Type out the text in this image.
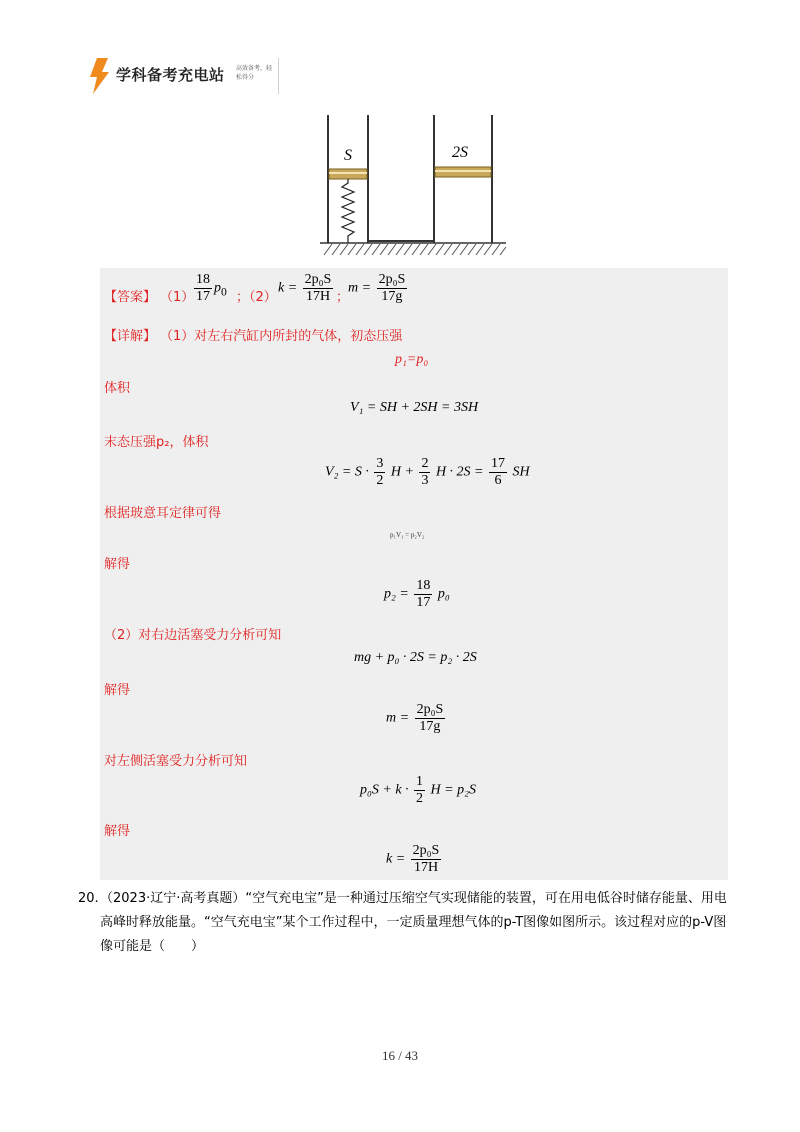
学科备考充电站 高效备考，轻松得分
S	2S
【答案】 $(1) \frac{18}{17} p_0$ ；（2）
$k = \frac{\text{2p₀S}}{17H}$ ；
$m = \frac{\text{2p₀S}}{17g}$
【详解】 （1）对左右汽缸内所封的气体，初态压强
p₁=p₀
体积
V₁ = SH + 2SH = 3SH
末态压强p₂，体积
$V_2 = S \cdot \frac{3}{2}$ $H + \frac{2}{3}$ $H \cdot 2S = \frac{17}{6}$ SH
根据玻意耳定律可得
p₁V₁ = p₂V₂
解得
$p_2 = \frac{18}{17} p_0$
（2）对右边活塞受力分析可知
mg + p₀ · 2S = p₂ · 2S
解得
$m = \frac{\text{2p₀S}}{17g}$
对左侧活塞受力分析可知
$p_0S + k \cdot \frac{1}{2}$ H = p₂S
解得
$k = \frac{\text{2p₀S}}{17H}$
20. （2023·辽宁·高考真题）“空气充电宝”是一种通过压缩空气实现储能的装置，可在用电低谷时储存能量、用电高峰时释放能量。“空气充电宝”某个工作过程中，一定质量理想气体的p-T图像如图所示。该过程对应的p-V图像可能是（　　）
16 / 43
